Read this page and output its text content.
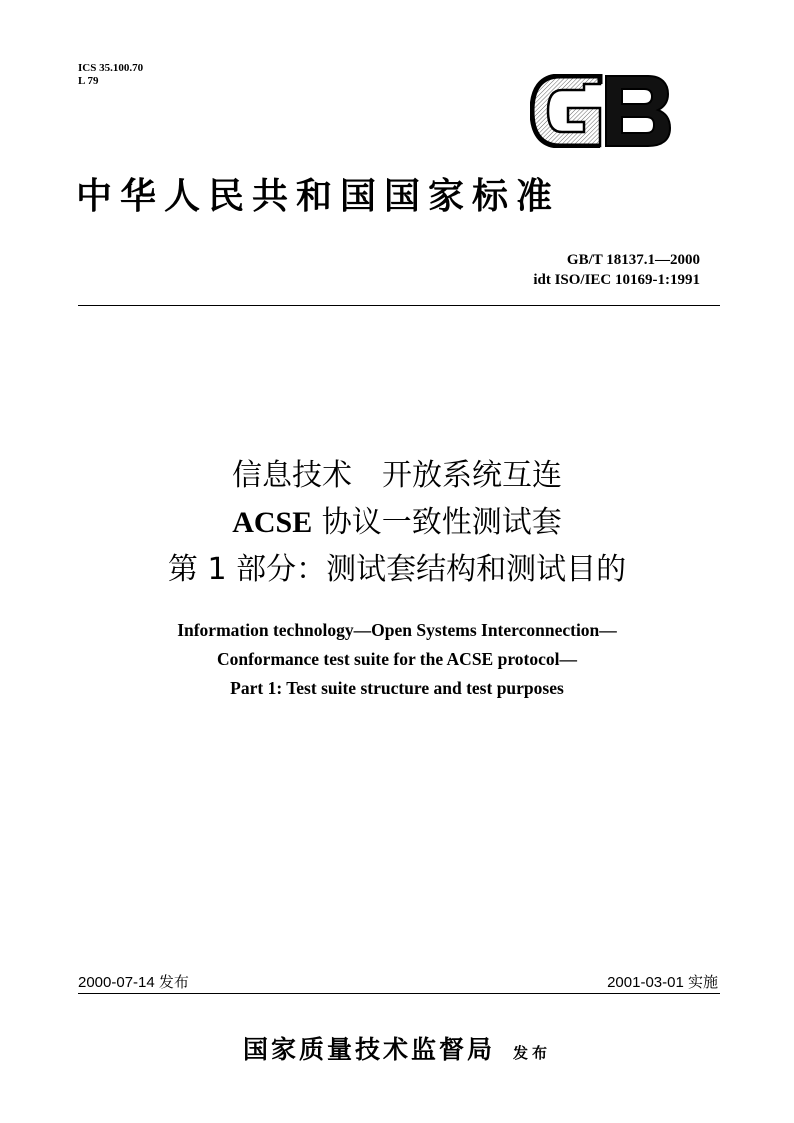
ICS 35.100.70
L 79
中华人民共和国国家标准
GB/T 18137.1—2000
idt ISO/IEC 10169-1:1991
信息技术　开放系统互连
ACSE 协议一致性测试套
第 1 部分：测试套结构和测试目的
Information technology—Open Systems Interconnection—
Conformance test suite for the ACSE protocol—
Part 1: Test suite structure and test purposes
2000-07-14 发布	2001-03-01 实施
国家质量技术监督局 发布
